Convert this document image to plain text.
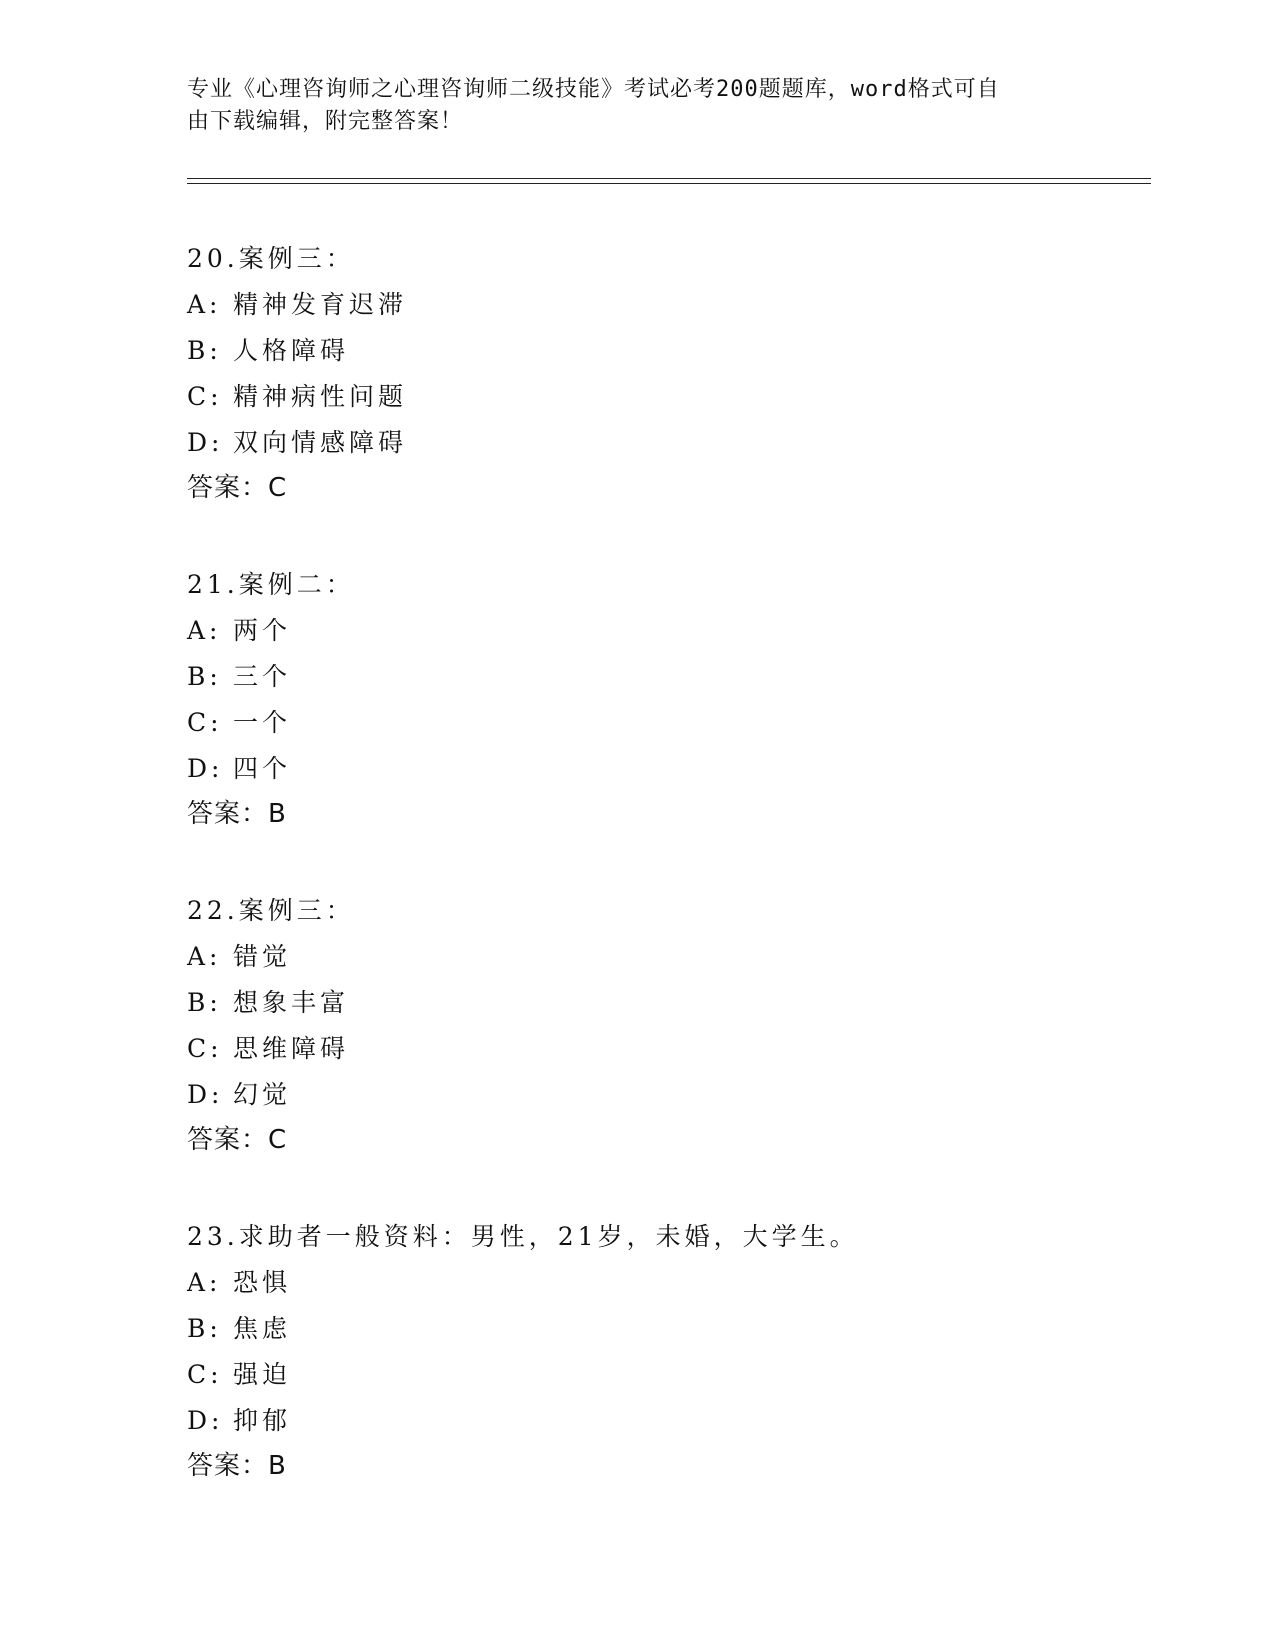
专业《心理咨询师之心理咨询师二级技能》考试必考200题题库，word格式可自
由下载编辑，附完整答案！
20.案例三：
A: 精神发育迟滞
B: 人格障碍
C: 精神病性问题
D: 双向情感障碍
答案：C
21.案例二：
A: 两个
B: 三个
C: 一个
D: 四个
答案：B
22.案例三：
A: 错觉
B: 想象丰富
C: 思维障碍
D: 幻觉
答案：C
23.求助者一般资料：男性，21岁，未婚，大学生。
A: 恐惧
B: 焦虑
C: 强迫
D: 抑郁
答案：B
